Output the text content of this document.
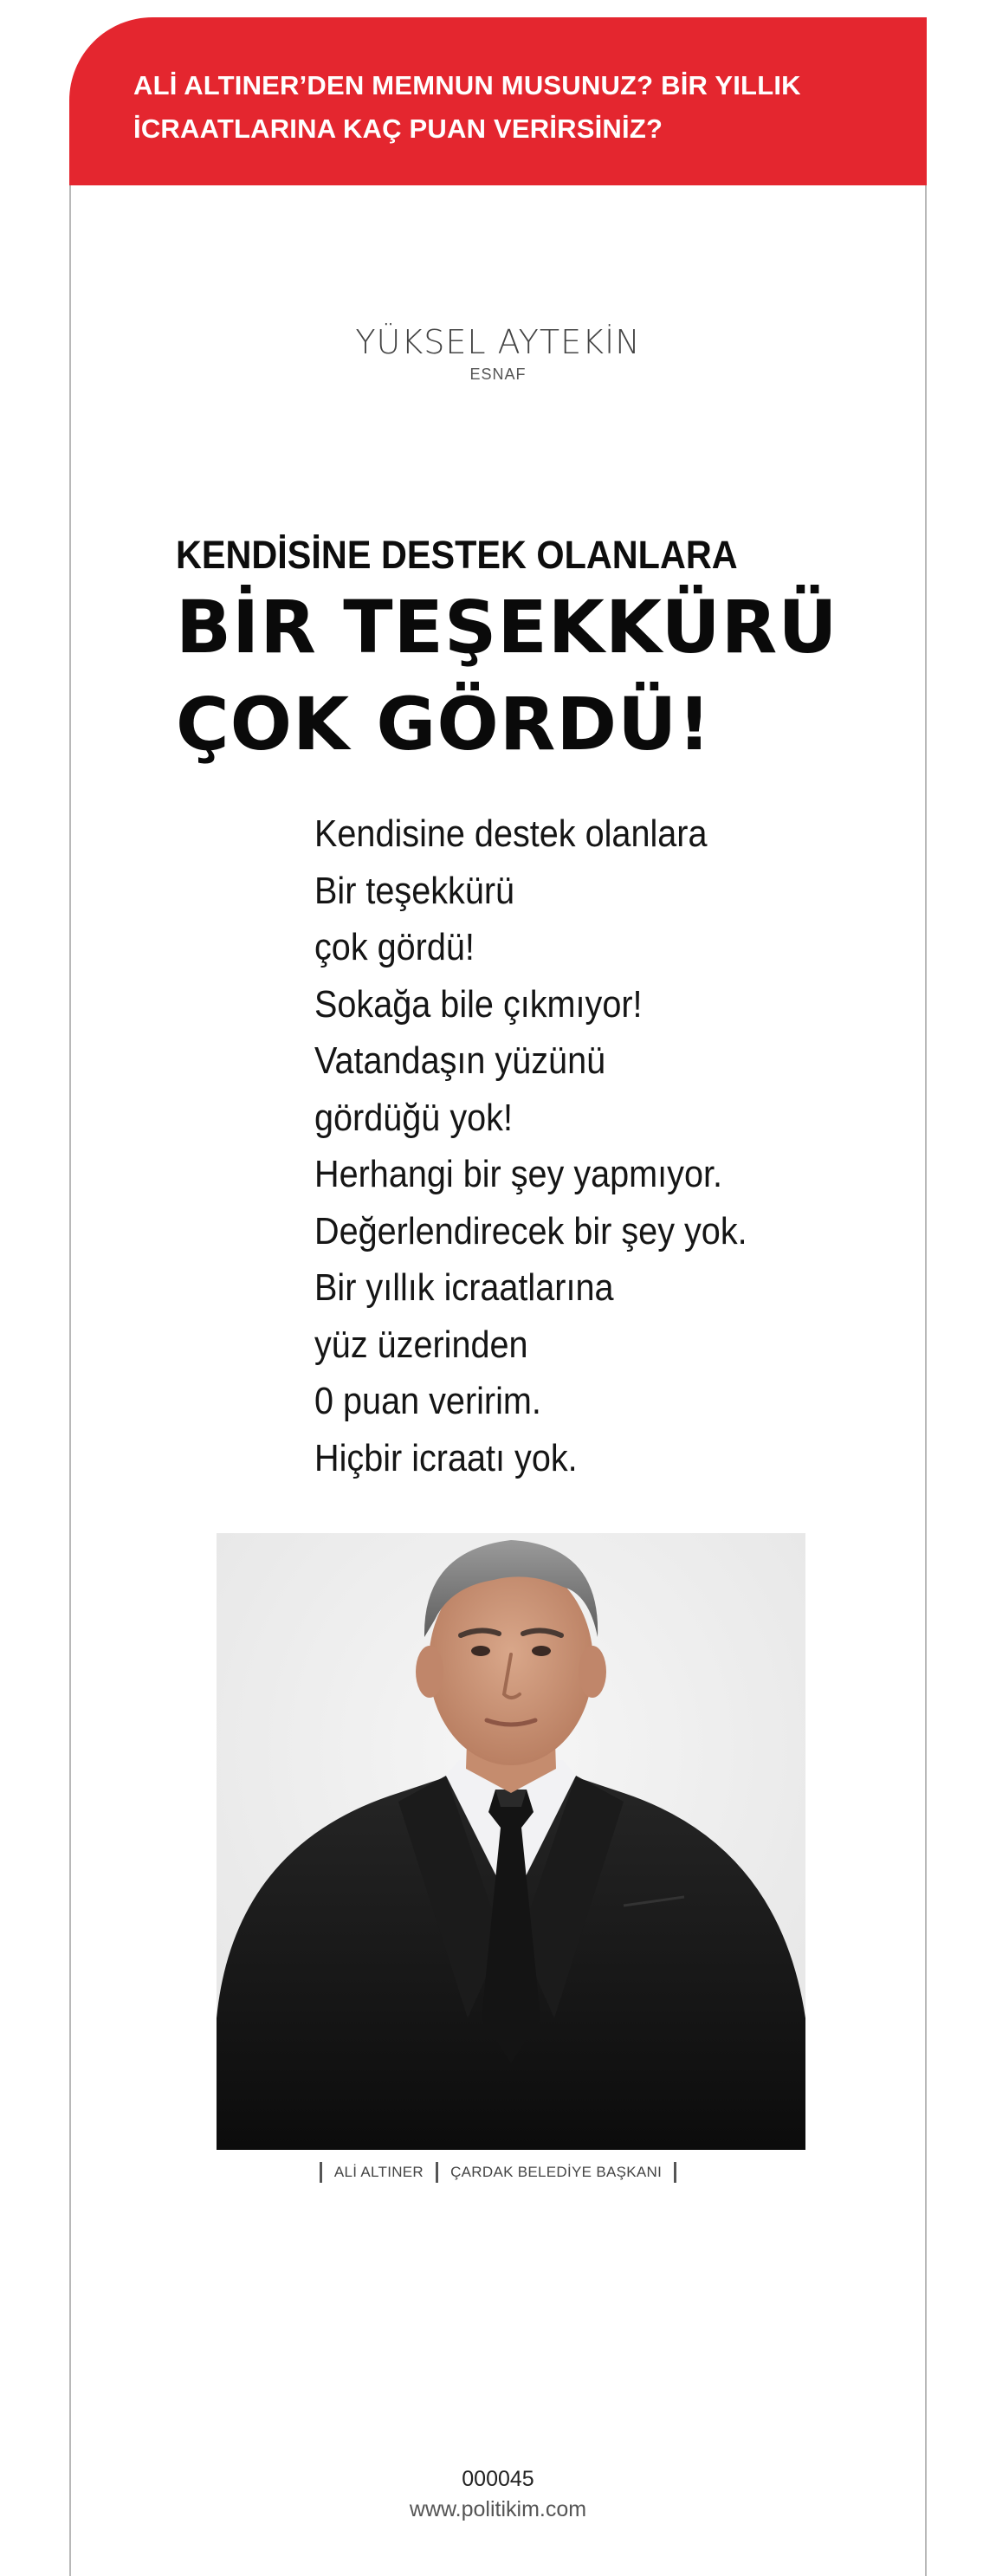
ALİ ALTINER’DEN MEMNUN MUSUNUZ? BİR YILLIK
İCRAATLARINA KAÇ PUAN VERİRSİNİZ?
YÜKSEL AYTEKİN
ESNAF
KENDİSİNE DESTEK OLANLARA
BİR TEŞEKKÜRÜ
ÇOK GÖRDÜ!
Kendisine destek olanlara
Bir teşekkürü
çok gördü!
Sokağa bile çıkmıyor!
Vatandaşın yüzünü
gördüğü yok!
Herhangi bir şey yapmıyor.
Değerlendirecek bir şey yok.
Bir yıllık icraatlarına
yüz üzerinden
0 puan veririm.
Hiçbir icraatı yok.
ALİ ALTINER ÇARDAK BELEDİYE BAŞKANI
000045
www.politikim.com
